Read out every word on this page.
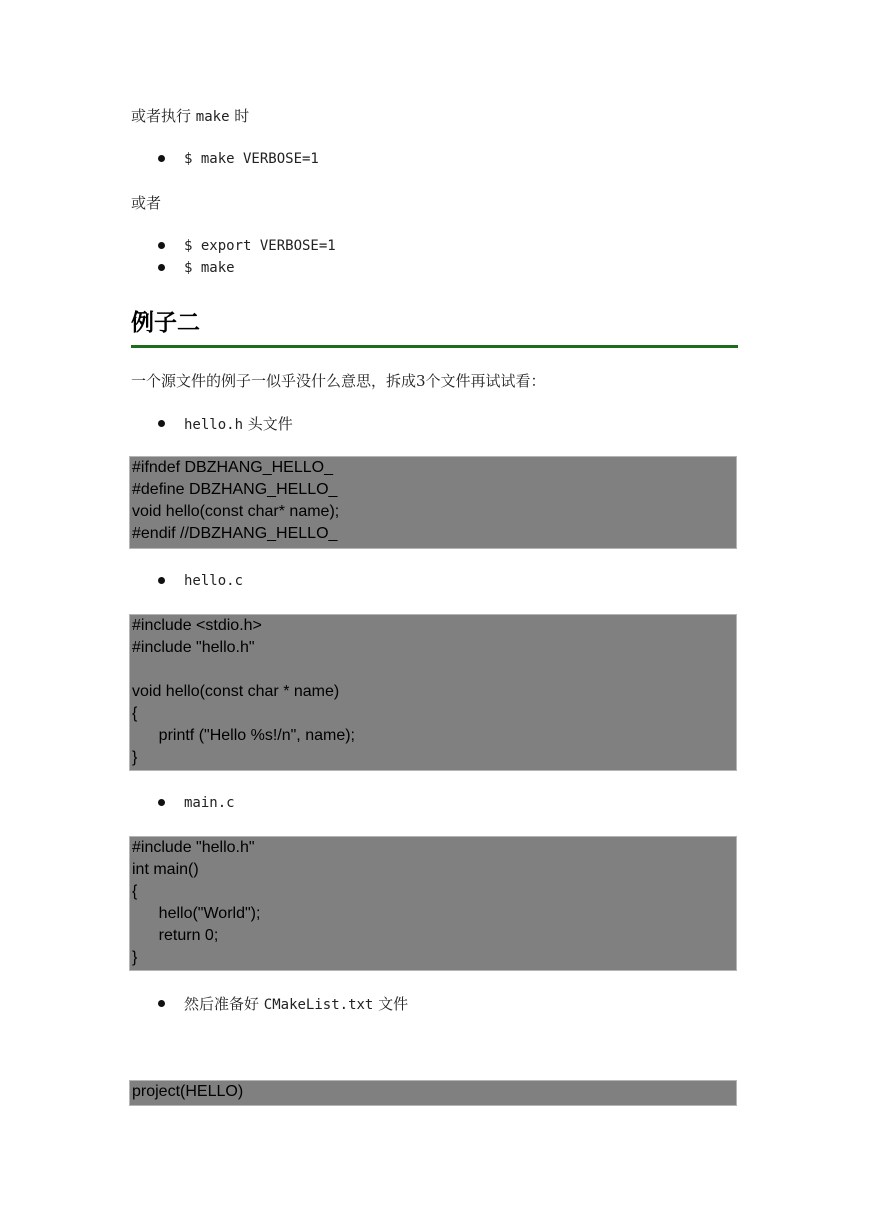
或者执行 make 时
$ make VERBOSE=1
或者
$ export VERBOSE=1
$ make
例子二
一个源文件的例子一似乎没什么意思，拆成3个文件再试试看：
hello.h 头文件
#ifndef DBZHANG_HELLO_
#define DBZHANG_HELLO_
void hello(const char* name);
#endif //DBZHANG_HELLO_
hello.c
#include <stdio.h>
#include "hello.h"
void hello(const char * name)
{
printf ("Hello %s!/n", name);
}
main.c
#include "hello.h"
int main()
{
hello("World");
return 0;
}
然后准备好 CMakeList.txt 文件
project(HELLO)
